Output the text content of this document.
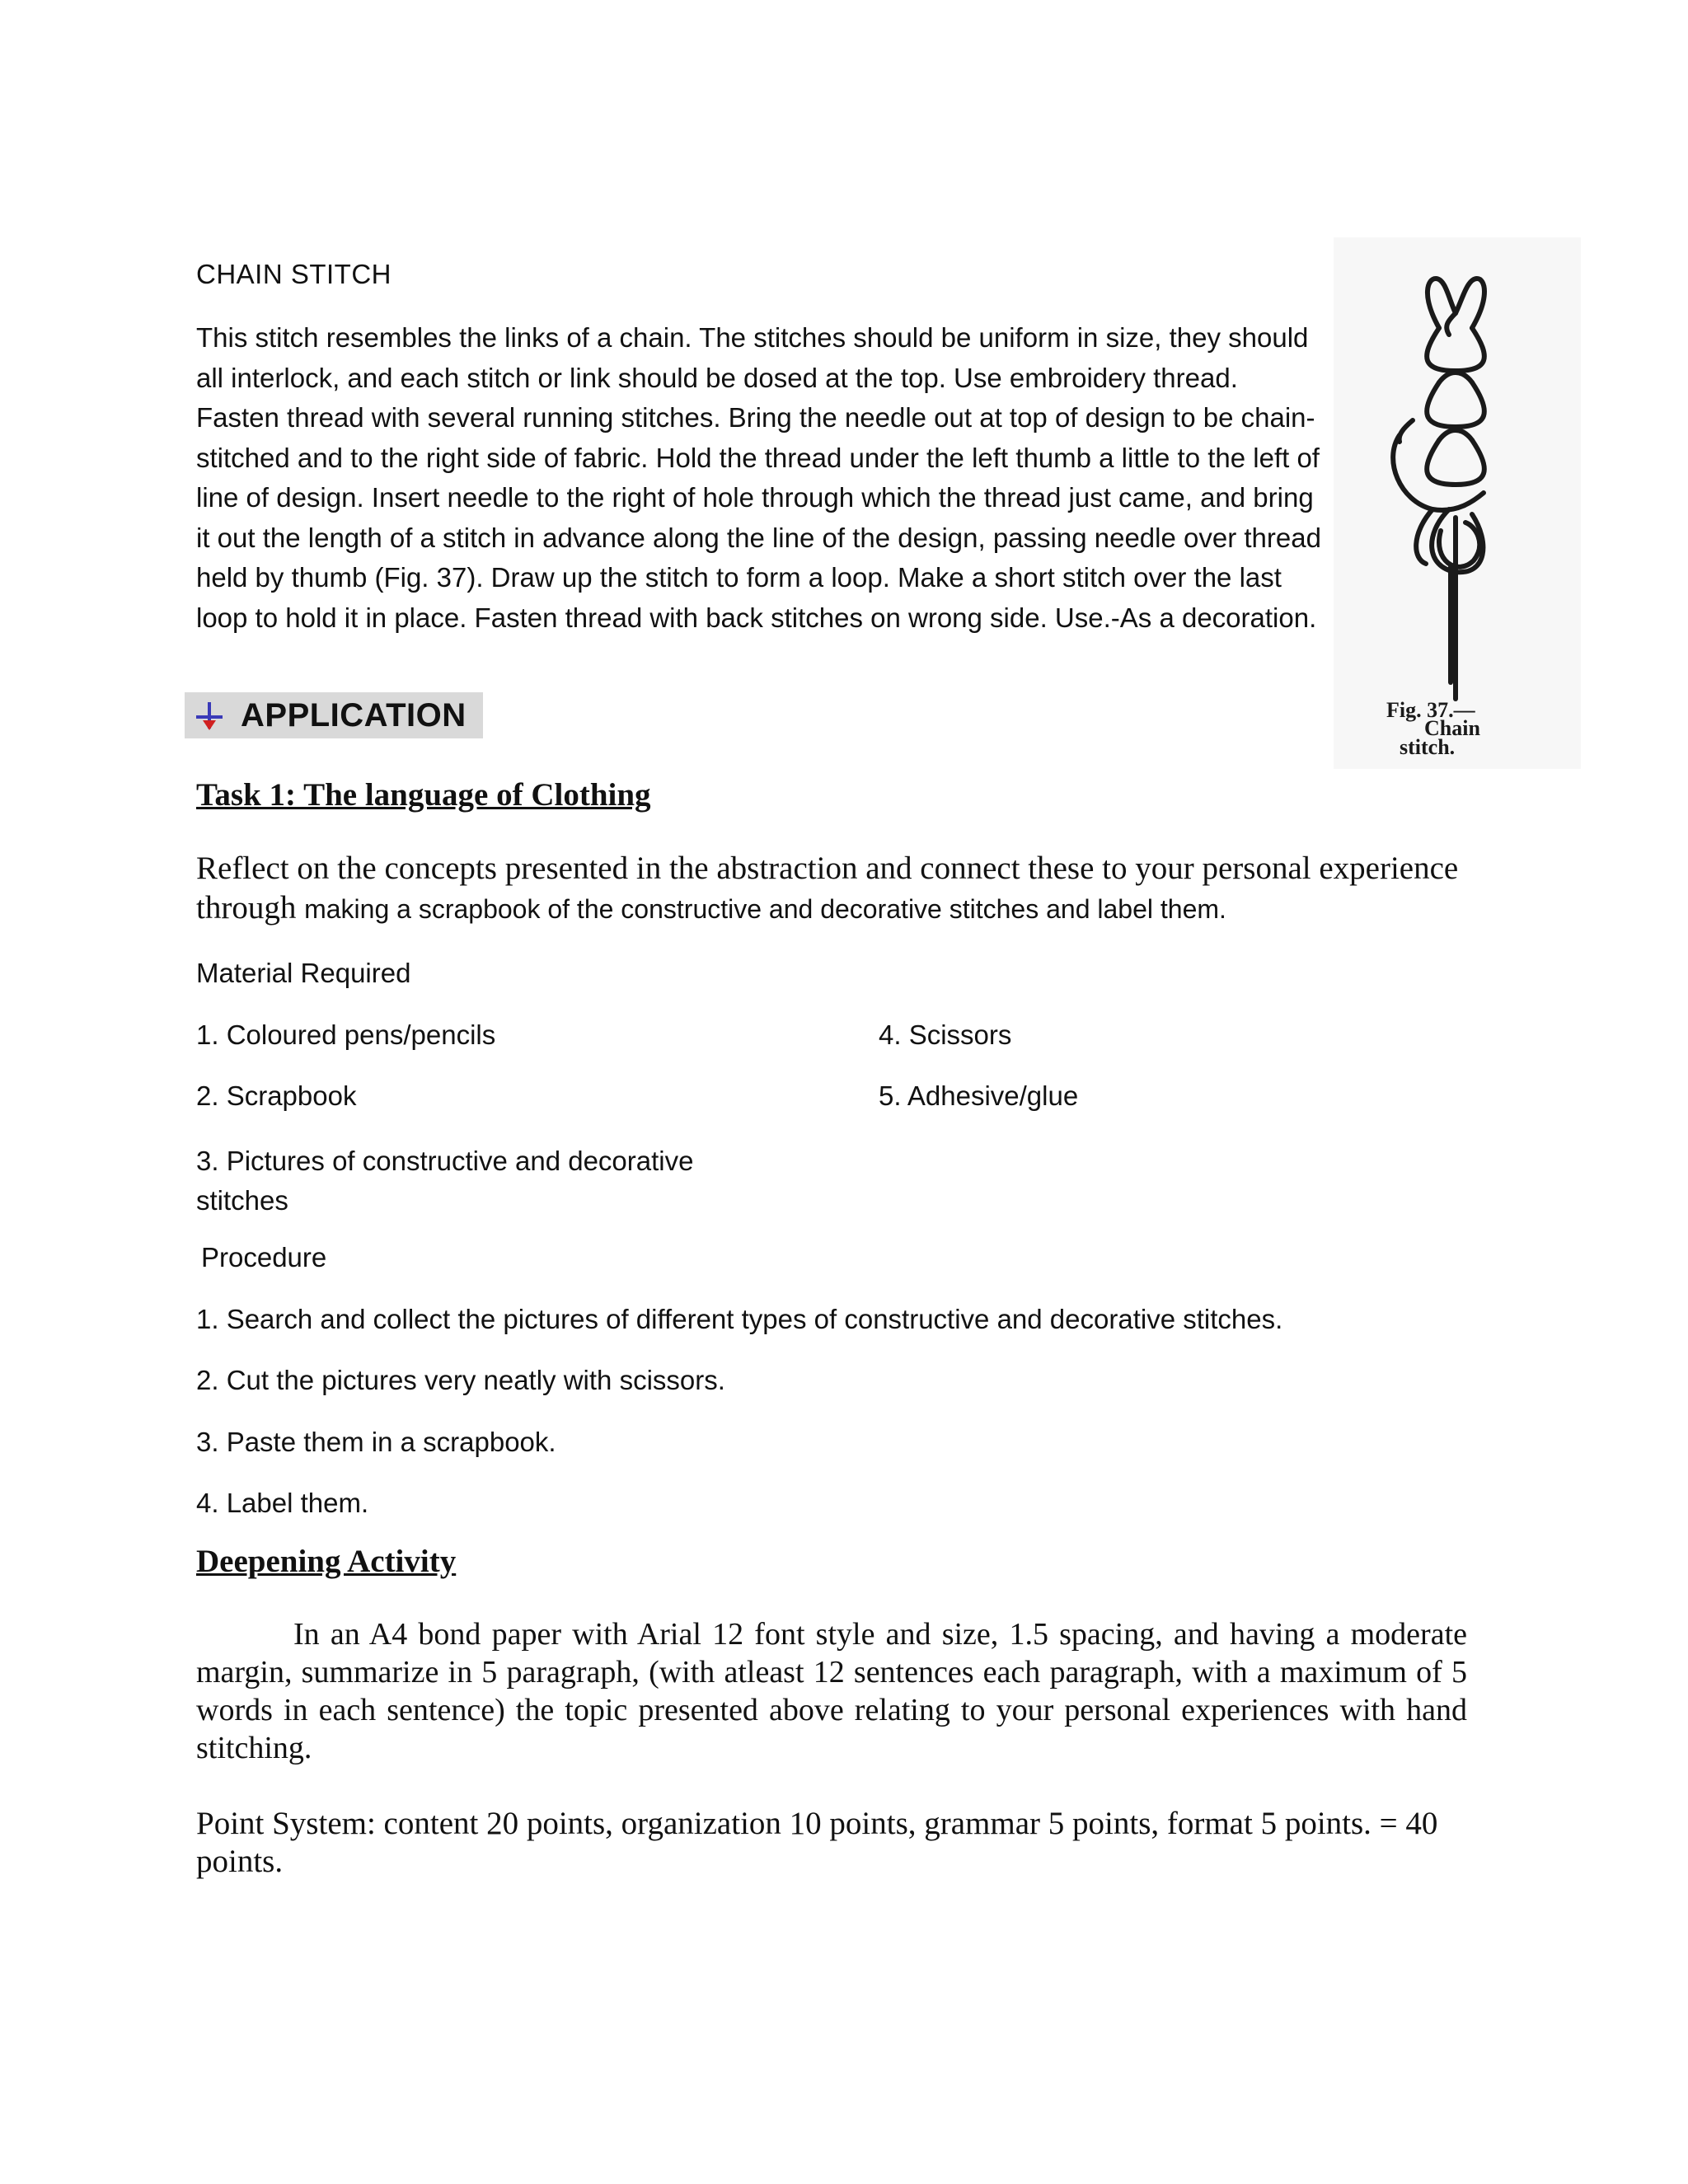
CHAIN STITCH
This stitch resembles the links of a chain. The stitches should be uniform in size, they should all interlock, and each stitch or link should be dosed at the top. Use embroidery thread. Fasten thread with several running stitches. Bring the needle out at top of design to be chain-stitched and to the right side of fabric. Hold the thread under the left thumb a little to the left of line of design. Insert needle to the right of hole through which the thread just came, and bring it out the length of a stitch in advance along the line of the design, passing needle over thread held by thumb (Fig. 37). Draw up the stitch to form a loop. Make a short stitch over the last loop to hold it in place. Fasten thread with back stitches on wrong side. Use.-As a decoration.
Fig. 37.—
Chain
stitch.
APPLICATION
Task 1: The language of Clothing
Reflect on the concepts presented in the abstraction and connect these to your personal experience through making a scrapbook of the constructive and decorative stitches and label them.
Material Required
1. Coloured pens/pencils	4. Scissors
2. Scrapbook	5. Adhesive/glue
3. Pictures of constructive and decorative stitches
Procedure
1. Search and collect the pictures of different types of constructive and decorative stitches.
2. Cut the pictures very neatly with scissors.
3. Paste them in a scrapbook.
4. Label them.
Deepening Activity
In an A4 bond paper with Arial 12 font style and size, 1.5 spacing, and having a moderate margin, summarize in 5 paragraph, (with atleast 12 sentences each paragraph, with a maximum of 5 words in each sentence) the topic presented above relating to your personal experiences with hand stitching.
Point System: content 20 points, organization 10 points, grammar 5 points, format 5 points. = 40 points.
